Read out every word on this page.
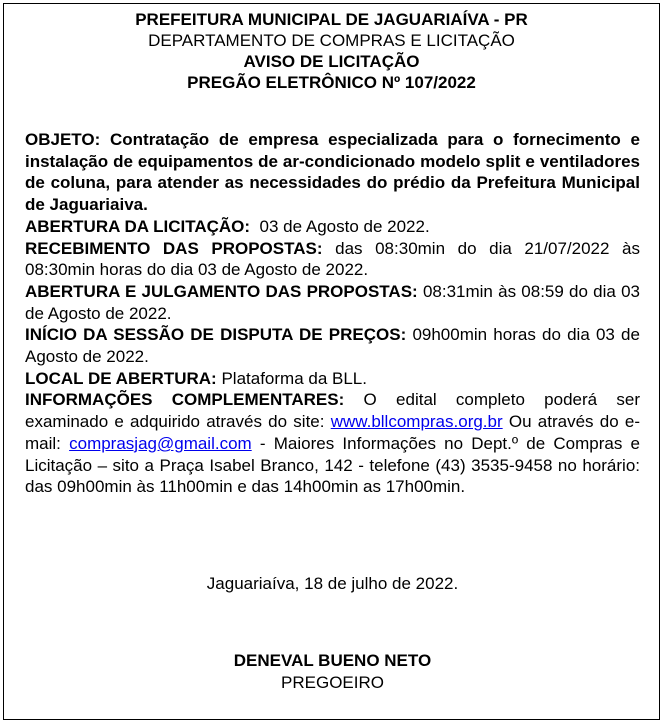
PREFEITURA MUNICIPAL DE JAGUARIAÍVA - PR
DEPARTAMENTO DE COMPRAS E LICITAÇÃO
AVISO DE LICITAÇÃO
PREGÃO ELETRÔNICO Nº 107/2022

OBJETO: Contratação de empresa especializada para o fornecimento e instalação de equipamentos de ar-condicionado modelo split e ventiladores de coluna, para atender as necessidades do prédio da Prefeitura Municipal de Jaguariaiva.

ABERTURA DA LICITAÇÃO: 03 de Agosto de 2022.

RECEBIMENTO DAS PROPOSTAS: das 08:30min do dia 21/07/2022 às 08:30min horas do dia 03 de Agosto de 2022.

ABERTURA E JULGAMENTO DAS PROPOSTAS: 08:31min às 08:59 do dia 03 de Agosto de 2022.

INÍCIO DA SESSÃO DE DISPUTA DE PREÇOS: 09h00min horas do dia 03 de Agosto de 2022.

LOCAL DE ABERTURA: Plataforma da BLL.

INFORMAÇÕES COMPLEMENTARES: O edital completo poderá ser examinado e adquirido através do site: www.bllcompras.org.br Ou através do e-mail: comprasjag@gmail.com - Maiores Informações no Dept.º de Compras e Licitação – sito a Praça Isabel Branco, 142 - telefone (43) 3535-9458 no horário: das 09h00min às 11h00min e das 14h00min as 17h00min.

Jaguariaíva, 18 de julho de 2022.
DENEVAL BUENO NETO
PREGOEIRO
